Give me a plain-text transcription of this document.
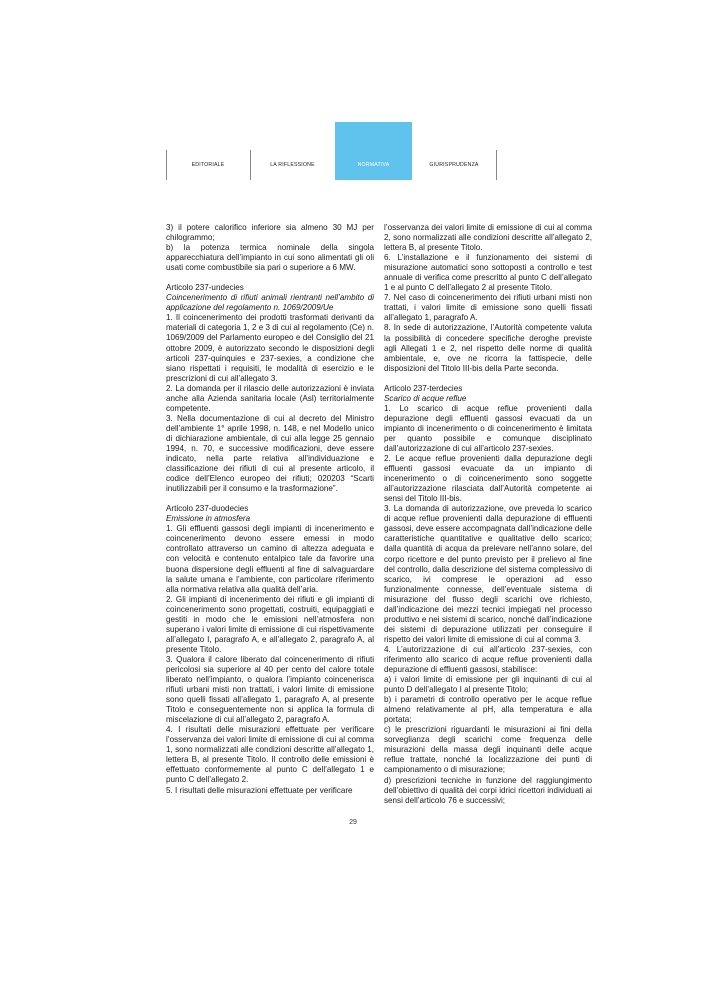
EDITORIALE	LA RIFLESSIONE	NORMATIVA	GIURISPRUDENZA

3) il potere calorifico inferiore sia almeno 30 MJ per chilogrammo;

b) la potenza termica nominale della singola apparecchiatura dell’impianto in cui sono alimentati gli oli usati come combustibile sia pari o superiore a 6 MW.

Articolo 237-undecies

Coincenerimento di rifiuti animali rientranti nell’ambito di applicazione del regolamento n. 1069/2009/Ue

1. Il coincenerimento dei prodotti trasformati derivanti da materiali di categoria 1, 2 e 3 di cui al regolamento (Ce) n. 1069/2009 del Parlamento europeo e del Consiglio del 21 ottobre 2009, è autorizzato secondo le disposizioni degli articoli 237-quinquies e 237-sexies, a condizione che siano rispettati i requisiti, le modalità di esercizio e le prescrizioni di cui all’allegato 3.

2. La domanda per il rilascio delle autorizzazioni è inviata anche alla Azienda sanitaria locale (Asl) territorialmente competente.

3. Nella documentazione di cui al decreto del Ministro dell’ambiente 1° aprile 1998, n. 148, e nel Modello unico di dichiarazione ambientale, di cui alla legge 25 gennaio 1994, n. 70, e successive modificazioni, deve essere indicato, nella parte relativa all’individuazione e classificazione dei rifiuti di cui al presente articolo, il codice dell’Elenco europeo dei rifiuti; 020203 “Scarti inutilizzabili per il consumo e la trasformazione”.

Articolo 237-duodecies

Emissione in atmosfera

1. Gli effluenti gassosi degli impianti di incenerimento e coincenerimento devono essere emessi in modo controllato attraverso un camino di altezza adeguata e con velocità e contenuto entalpico tale da favorire una buona dispersione degli effluenti al fine di salvaguardare la salute umana e l’ambiente, con particolare riferimento alla normativa relativa alla qualità dell’aria.

2. Gli impianti di incenerimento dei rifiuti e gli impianti di coincenerimento sono progettati, costruiti, equipaggiati e gestiti in modo che le emissioni nell’atmosfera non superano i valori limite di emissione di cui rispettivamente all’allegato I, paragrafo A, e all’allegato 2, paragrafo A, al presente Titolo.

3. Qualora il calore liberato dal coincenerimento di rifiuti pericolosi sia superiore al 40 per cento del calore totale liberato nell’impianto, o qualora l’impianto coincenerisca rifiuti urbani misti non trattati, i valori limite di emissione sono quelli fissati all’allegato 1, paragrafo A, al presente Titolo e conseguentemente non si applica la formula di miscelazione di cui all’allegato 2, paragrafo A.

4. I risultati delle misurazioni effettuate per verificare l’osservanza dei valori limite di emissione di cui al comma 1, sono normalizzati alle condizioni descritte all’allegato 1, lettera B, al presente Titolo. Il controllo delle emissioni è effettuato conformemente al punto C dell’allegato 1 e punto C dell’allegato 2.

5. I risultati delle misurazioni effettuate per verificare

l’osservanza dei valori limite di emissione di cui al comma 2, sono normalizzati alle condizioni descritte all’allegato 2, lettera B, al presente Titolo.

6. L’installazione e il funzionamento dei sistemi di misurazione automatici sono sottoposti a controllo e test annuale di verifica come prescritto al punto C dell’allegato 1 e al punto C dell’allegato 2 al presente Titolo.

7. Nel caso di coincenerimento dei rifiuti urbani misti non trattati, i valori limite di emissione sono quelli fissati all’allegato 1, paragrafo A.

8. In sede di autorizzazione, l’Autorità competente valuta la possibilità di concedere specifiche deroghe previste agli Allegati 1 e 2, nel rispetto delle norme di qualità ambientale, e, ove ne ricorra la fattispecie, delle disposizioni del Titolo III-bis della Parte seconda.

Articolo 237-terdecies

Scarico di acque reflue

1. Lo scarico di acque reflue provenienti dalla depurazione degli effluenti gassosi evacuati da un impianto di incenerimento o di coincenerimento è limitata per quanto possibile e comunque disciplinato dall’autorizzazione di cui all’articolo 237-sexies.

2. Le acque reflue provenienti dalla depurazione degli effluenti gassosi evacuate da un impianto di incenerimento o di coincenerimento sono soggette all’autorizzazione rilasciata dall’Autorità competente ai sensi del Titolo III-bis.

3. La domanda di autorizzazione, ove preveda lo scarico di acque reflue provenienti dalla depurazione di effluenti gassosi, deve essere accompagnata dall’indicazione delle caratteristiche quantitative e qualitative dello scarico; dalla quantità di acqua da prelevare nell’anno solare, del corpo ricettore e del punto previsto per il prelievo al fine del controllo, dalla descrizione del sistema complessivo di scarico, ivi comprese le operazioni ad esso funzionalmente connesse, dell’eventuale sistema di misurazione del flusso degli scarichi ove richiesto, dall’indicazione dei mezzi tecnici impiegati nel processo produttivo e nei sistemi di scarico, nonché dall’indicazione dei sistemi di depurazione utilizzati per conseguire il rispetto dei valori limite di emissione di cui al comma 3.

4. L’autorizzazione di cui all’articolo 237-sexies, con riferimento allo scarico di acque reflue provenienti dalla depurazione di effluenti gassosi, stabilisce:

a) i valori limite di emissione per gli inquinanti di cui al punto D dell’allegato I al presente Titolo;

b) i parametri di controllo operativo per le acque reflue almeno relativamente al pH, alla temperatura e alla portata;

c) le prescrizioni riguardanti le misurazioni ai fini della sorveglianza degli scarichi come frequenza delle misurazioni della massa degli inquinanti delle acque reflue trattate, nonché la localizzazione dei punti di campionamento o di misurazione;

d) prescrizioni tecniche in funzione del raggiungimento dell’obiettivo di qualità dei corpi idrici ricettori individuati ai sensi dell’articolo 76 e successivi;

29
